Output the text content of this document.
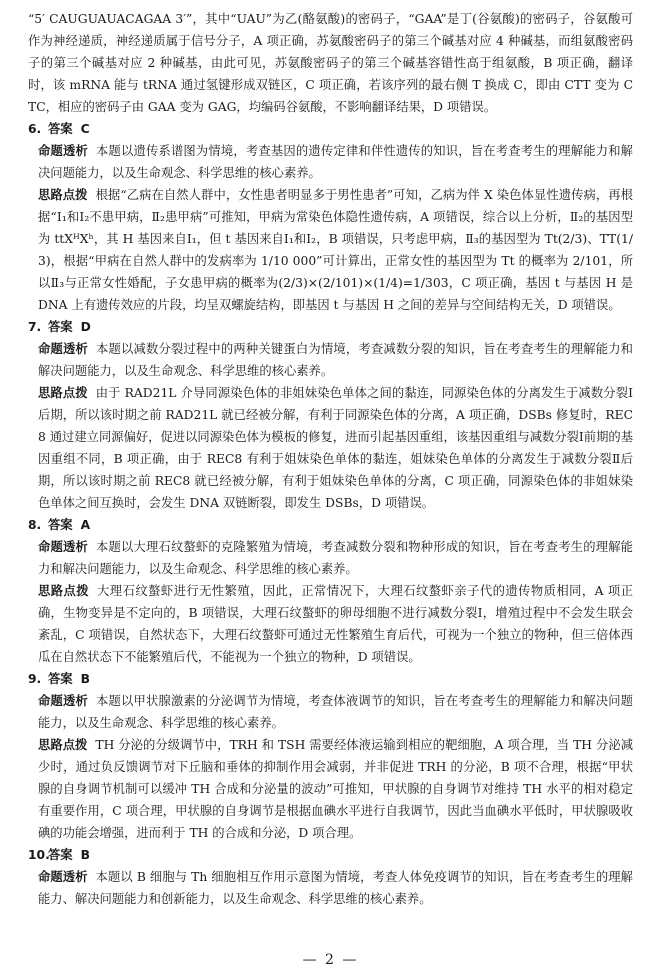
“5′ CAUGUAUACAGAA 3′”，其中“UAU”为乙(酪氨酸)的密码子，“GAA”是丁(谷氨酸)的密码子，谷氨酸可作为神经递质，神经递质属于信号分子，A 项正确，苏氨酸密码子的第三个碱基对应 4 种碱基，而组氨酸密码子的第三个碱基对应 2 种碱基，由此可见，苏氨酸密码子的第三个碱基容错性高于组氨酸，B 项正确，翻译时，该 mRNA 能与 tRNA 通过氢键形成双链区，C 项正确，若该序列的最右侧 T 换成 C，即由 CTT 变为 CTC，相应的密码子由 GAA 变为 GAG，均编码谷氨酸，不影响翻译结果，D 项错误。

6. 答案 C

命题透析 本题以遗传系谱图为情境，考查基因的遗传定律和伴性遗传的知识，旨在考查考生的理解能力和解决问题能力，以及生命观念、科学思维的核心素养。

思路点拨 根据“乙病在自然人群中，女性患者明显多于男性患者”可知，乙病为伴 X 染色体显性遗传病，再根据“Ⅰ₁和Ⅰ₂不患甲病，Ⅱ₂患甲病”可推知，甲病为常染色体隐性遗传病，A 项错误，综合以上分析，Ⅱ₂的基因型为 ttXᴴXʰ，其 H 基因来自Ⅰ₁，但 t 基因来自Ⅰ₁和Ⅰ₂，B 项错误，只考虑甲病，Ⅱ₃的基因型为 Tt(2/3)、TT(1/3)，根据“甲病在自然人群中的发病率为 1/10 000”可计算出，正常女性的基因型为 Tt 的概率为 2/101，所以Ⅱ₃与正常女性婚配，子女患甲病的概率为(2/3)×(2/101)×(1/4)=1/303，C 项正确，基因 t 与基因 H 是 DNA 上有遗传效应的片段，均呈双螺旋结构，即基因 t 与基因 H 之间的差异与空间结构无关，D 项错误。

7. 答案 D

命题透析 本题以减数分裂过程中的两种关键蛋白为情境，考查减数分裂的知识，旨在考查考生的理解能力和解决问题能力，以及生命观念、科学思维的核心素养。

思路点拨 由于 RAD21L 介导同源染色体的非姐妹染色单体之间的黏连，同源染色体的分离发生于减数分裂Ⅰ后期，所以该时期之前 RAD21L 就已经被分解，有利于同源染色体的分离，A 项正确，DSBs 修复时，REC8 通过建立同源偏好，促进以同源染色体为模板的修复，进而引起基因重组，该基因重组与减数分裂Ⅰ前期的基因重组不同，B 项正确，由于 REC8 有利于姐妹染色单体的黏连，姐妹染色单体的分离发生于减数分裂Ⅱ后期，所以该时期之前 REC8 就已经被分解，有利于姐妹染色单体的分离，C 项正确，同源染色体的非姐妹染色单体之间互换时，会发生 DNA 双链断裂，即发生 DSBs，D 项错误。

8. 答案 A

命题透析 本题以大理石纹螯虾的克隆繁殖为情境，考查减数分裂和物种形成的知识，旨在考查考生的理解能力和解决问题能力，以及生命观念、科学思维的核心素养。

思路点拨 大理石纹螯虾进行无性繁殖，因此，正常情况下，大理石纹螯虾亲子代的遗传物质相同，A 项正确，生物变异是不定向的，B 项错误，大理石纹螯虾的卵母细胞不进行减数分裂Ⅰ，增殖过程中不会发生联会紊乱，C 项错误，自然状态下，大理石纹螯虾可通过无性繁殖生育后代，可视为一个独立的物种，但三倍体西瓜在自然状态下不能繁殖后代，不能视为一个独立的物种，D 项错误。

9. 答案 B

命题透析 本题以甲状腺激素的分泌调节为情境，考查体液调节的知识，旨在考查考生的理解能力和解决问题能力，以及生命观念、科学思维的核心素养。

思路点拨 TH 分泌的分级调节中，TRH 和 TSH 需要经体液运输到相应的靶细胞，A 项合理，当 TH 分泌减少时，通过负反馈调节对下丘脑和垂体的抑制作用会减弱，并非促进 TRH 的分泌，B 项不合理，根据“甲状腺的自身调节机制可以缓冲 TH 合成和分泌量的波动”可推知，甲状腺的自身调节对维持 TH 水平的相对稳定有重要作用，C 项合理，甲状腺的自身调节是根据血碘水平进行自我调节，因此当血碘水平低时，甲状腺吸收碘的功能会增强，进而利于 TH 的合成和分泌，D 项合理。

10.答案 B

命题透析 本题以 B 细胞与 Th 细胞相互作用示意图为情境，考查人体免疫调节的知识，旨在考查考生的理解能力、解决问题能力和创新能力，以及生命观念、科学思维的核心素养。

— 2 —
